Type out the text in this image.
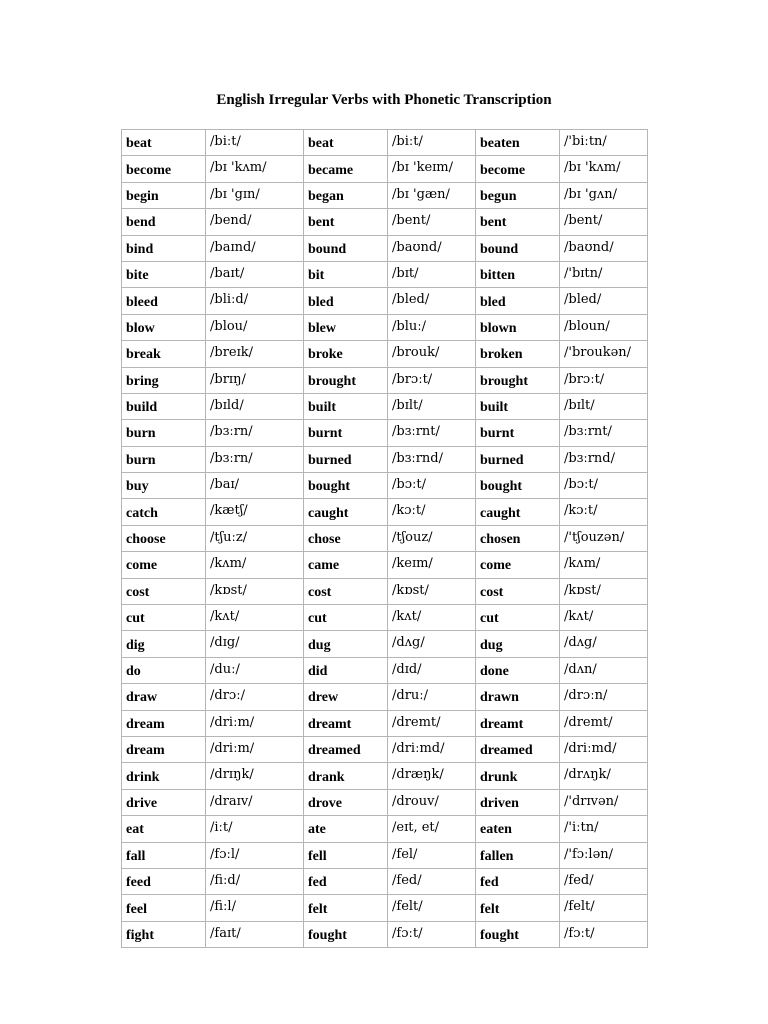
English Irregular Verbs with Phonetic Transcription
beat	/biːt/	beat	/biːt/	beaten	/'biːtn/
become	/bɪ 'kʌm/	became	/bɪ 'keɪm/	become	/bɪ 'kʌm/
begin	/bɪ 'gɪn/	began	/bɪ 'gæn/	begun	/bɪ 'gʌn/
bend	/bend/	bent	/bent/	bent	/bent/
bind	/baɪnd/	bound	/baʊnd/	bound	/baʊnd/
bite	/baɪt/	bit	/bɪt/	bitten	/'bɪtn/
bleed	/bliːd/	bled	/bled/	bled	/bled/
blow	/blou/	blew	/bluː/	blown	/bloun/
break	/breɪk/	broke	/brouk/	broken	/'broukən/
bring	/brɪŋ/	brought	/brɔːt/	brought	/brɔːt/
build	/bɪld/	built	/bɪlt/	built	/bɪlt/
burn	/bɜːrn/	burnt	/bɜːrnt/	burnt	/bɜːrnt/
burn	/bɜːrn/	burned	/bɜːrnd/	burned	/bɜːrnd/
buy	/baɪ/	bought	/bɔːt/	bought	/bɔːt/
catch	/kætʃ/	caught	/kɔːt/	caught	/kɔːt/
choose	/tʃuːz/	chose	/tʃouz/	chosen	/'tʃouzən/
come	/kʌm/	came	/keɪm/	come	/kʌm/
cost	/kɒst/	cost	/kɒst/	cost	/kɒst/
cut	/kʌt/	cut	/kʌt/	cut	/kʌt/
dig	/dɪg/	dug	/dʌg/	dug	/dʌg/
do	/duː/	did	/dɪd/	done	/dʌn/
draw	/drɔː/	drew	/druː/	drawn	/drɔːn/
dream	/driːm/	dreamt	/dremt/	dreamt	/dremt/
dream	/driːm/	dreamed	/driːmd/	dreamed	/driːmd/
drink	/drɪŋk/	drank	/dræŋk/	drunk	/drʌŋk/
drive	/draɪv/	drove	/drouv/	driven	/'drɪvən/
eat	/iːt/	ate	/eɪt, et/	eaten	/'iːtn/
fall	/fɔːl/	fell	/fel/	fallen	/'fɔːlən/
feed	/fiːd/	fed	/fed/	fed	/fed/
feel	/fiːl/	felt	/felt/	felt	/felt/
fight	/faɪt/	fought	/fɔːt/	fought	/fɔːt/
